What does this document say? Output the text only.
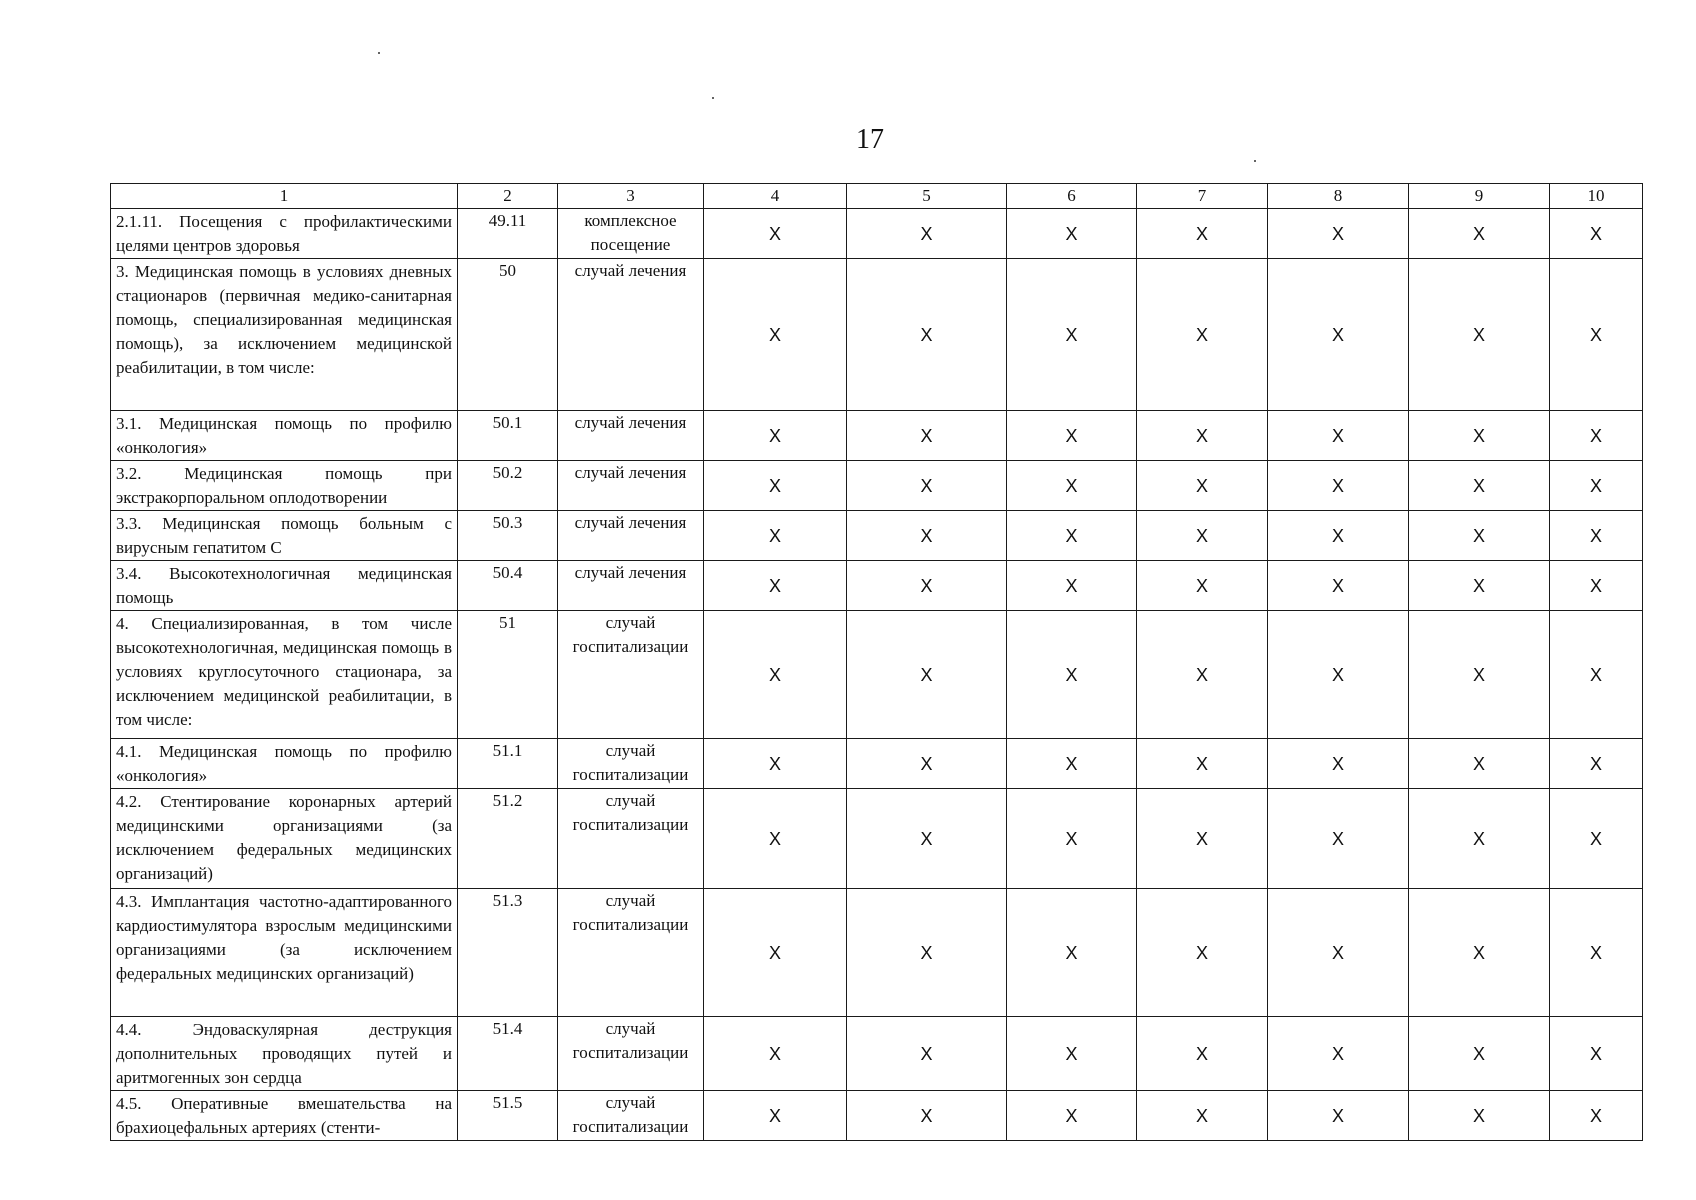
17
1	2	3	4	5	6	7	8	9	10
2.1.11. Посещения с профилактическими целями центров здоровья	49.11	комплексное посещение	X	X	X	X	X	X	X
3. Медицинская помощь в условиях дневных стационаров (первичная медико-санитарная помощь, специализированная медицинская помощь), за исключением медицинской реабилитации, в том числе:	50	случай лечения	X	X	X	X	X	X	X
3.1. Медицинская помощь по профилю «онкология»	50.1	случай лечения	X	X	X	X	X	X	X
3.2. Медицинская помощь при экстракорпоральном оплодотворении	50.2	случай лечения	X	X	X	X	X	X	X
3.3. Медицинская помощь больным с вирусным гепатитом C	50.3	случай лечения	X	X	X	X	X	X	X
3.4. Высокотехнологичная медицинская помощь	50.4	случай лечения	X	X	X	X	X	X	X
4. Специализированная, в том числе высокотехнологичная, медицинская помощь в условиях круглосуточного стационара, за исключением медицинской реабилитации, в том числе:	51	случай госпитализации	X	X	X	X	X	X	X
4.1. Медицинская помощь по профилю «онкология»	51.1	случай госпитализации	X	X	X	X	X	X	X
4.2. Стентирование коронарных артерий медицинскими организациями (за исключением федеральных медицинских организаций)	51.2	случай госпитализации	X	X	X	X	X	X	X
4.3. Имплантация частотно-адаптированного кардиостимулятора взрослым медицинскими организациями (за исключением федеральных медицинских организаций)	51.3	случай госпитализации	X	X	X	X	X	X	X
4.4. Эндоваскулярная деструкция дополнительных проводящих путей и аритмогенных зон сердца	51.4	случай госпитализации	X	X	X	X	X	X	X
4.5. Оперативные вмешательства на брахиоцефальных артериях (стенти-	51.5	случай госпитализации	X	X	X	X	X	X	X
